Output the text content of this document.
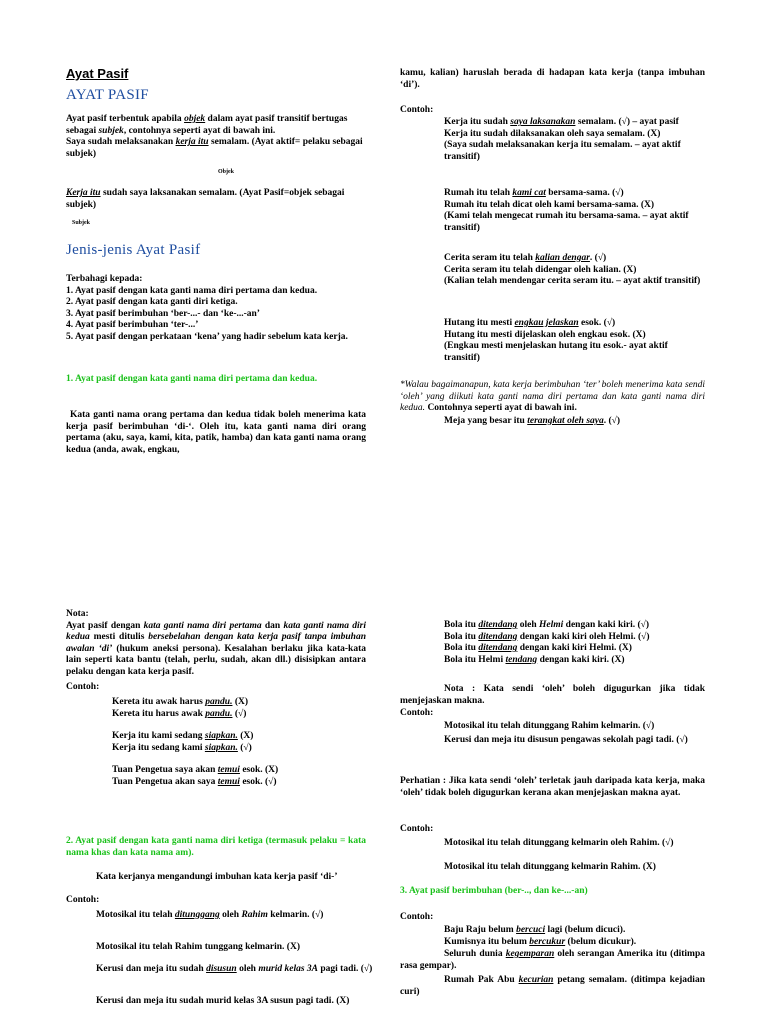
Ayat Pasif
AYAT PASIF
Ayat pasif terbentuk apabila objek dalam ayat pasif transitif bertugas sebagai subjek, contohnya seperti ayat di bawah ini.
Saya sudah melaksanakan kerja itu semalam. (Ayat aktif= pelaku sebagai subjek)
Objek
Kerja itu sudah saya laksanakan semalam. (Ayat Pasif=objek sebagai subjek)
Subjek
Jenis-jenis Ayat Pasif
Terbahagi kepada:
1. Ayat pasif dengan kata ganti nama diri pertama dan kedua.
2. Ayat pasif dengan kata ganti diri ketiga.
3. Ayat pasif berimbuhan ‘ber-...- dan ‘ke-...-an’
4. Ayat pasif berimbuhan ‘ter-...’
5. Ayat pasif dengan perkataan ‘kena’ yang hadir sebelum kata kerja.
1. Ayat pasif dengan kata ganti nama diri pertama dan kedua.
Kata ganti nama orang pertama dan kedua tidak boleh menerima kata kerja pasif berimbuhan ‘di-‘. Oleh itu, kata ganti nama diri orang pertama (aku, saya, kami, kita, patik, hamba) dan kata ganti nama orang kedua (anda, awak, engkau,
Nota:
Ayat pasif dengan kata ganti nama diri pertama dan kata ganti nama diri kedua mesti ditulis bersebelahan dengan kata kerja pasif tanpa imbuhan awalan ‘di’ (hukum aneksi persona). Kesalahan berlaku jika kata-kata lain seperti kata bantu (telah, perlu, sudah, akan dll.) disisipkan antara pelaku dengan kata kerja pasif.
Contoh:
Kereta itu awak harus pandu. (X)
Kereta itu harus awak pandu. (√)
Kerja itu kami sedang siapkan. (X)
Kerja itu sedang kami siapkan. (√)
Tuan Pengetua saya akan temui esok. (X)
Tuan Pengetua akan saya temui esok. (√)
2. Ayat pasif dengan kata ganti nama diri ketiga (termasuk pelaku = kata nama khas dan kata nama am).
Kata kerjanya mengandungi imbuhan kata kerja pasif ‘di-’
Contoh:
Motosikal itu telah ditunggang oleh Rahim kelmarin. (√)
Motosikal itu telah Rahim tunggang kelmarin. (X)
Kerusi dan meja itu sudah disusun oleh murid kelas 3A pagi tadi. (√)
Kerusi dan meja itu sudah murid kelas 3A susun pagi tadi. (X)
kamu, kalian) haruslah berada di hadapan kata kerja (tanpa imbuhan ‘di’).
Contoh:
Kerja itu sudah saya laksanakan semalam. (√) – ayat pasif
Kerja itu sudah dilaksanakan oleh saya semalam. (X)
(Saya sudah melaksanakan kerja itu semalam. – ayat aktif transitif)
Rumah itu telah kami cat bersama-sama. (√)
Rumah itu telah dicat oleh kami bersama-sama. (X)
(Kami telah mengecat rumah itu bersama-sama. – ayat aktif transitif)
Cerita seram itu telah kalian dengar. (√)
Cerita seram itu telah didengar oleh kalian. (X)
(Kalian telah mendengar cerita seram itu. – ayat aktif transitif)
Hutang itu mesti engkau jelaskan esok. (√)
Hutang itu mesti dijelaskan oleh engkau esok. (X)
(Engkau mesti menjelaskan hutang itu esok.- ayat aktif transitif)
*Walau bagaimanapun, kata kerja berimbuhan ‘ter’ boleh menerima kata sendi ‘oleh’ yang diikuti kata ganti nama diri pertama dan kata ganti nama diri kedua. Contohnya seperti ayat di bawah ini.
Meja yang besar itu terangkat oleh saya. (√)
Bola itu ditendang oleh Helmi dengan kaki kiri. (√)
Bola itu ditendang dengan kaki kiri oleh Helmi. (√)
Bola itu ditendang dengan kaki kiri Helmi. (X)
Bola itu Helmi tendang dengan kaki kiri. (X)
Nota : Kata sendi ‘oleh’ boleh digugurkan jika tidak menjejaskan makna.
Contoh:
Motosikal itu telah ditunggang Rahim kelmarin. (√)
Kerusi dan meja itu disusun pengawas sekolah pagi tadi. (√)
Perhatian : Jika kata sendi ‘oleh’ terletak jauh daripada kata kerja, maka ‘oleh’ tidak boleh digugurkan kerana akan menjejaskan makna ayat.
Contoh:
Motosikal itu telah ditunggang kelmarin oleh Rahim. (√)
Motosikal itu telah ditunggang kelmarin Rahim. (X)
3. Ayat pasif berimbuhan (ber-.., dan ke-...-an)
Contoh:
Baju Raju belum bercuci lagi (belum dicuci).
Kumisnya itu belum bercukur (belum dicukur).
Seluruh dunia kegemparan oleh serangan Amerika itu (ditimpa rasa gempar).
Rumah Pak Abu kecurian petang semalam. (ditimpa kejadian curi)
